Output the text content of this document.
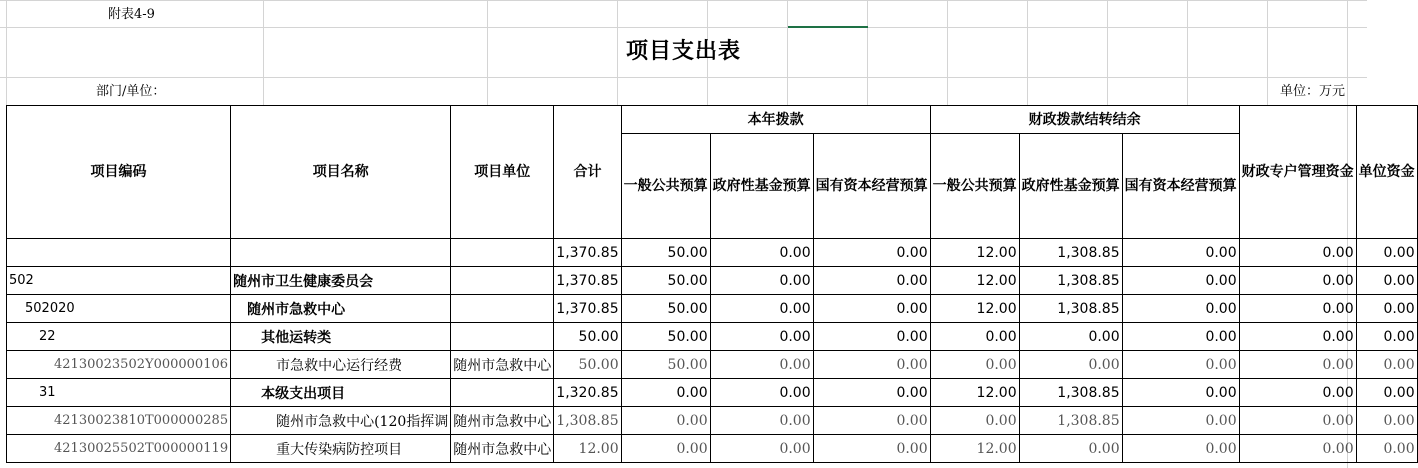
附表4-9
项目支出表
部门/单位：	单位：万元
项目编码	项目名称	项目单位	合计	本年拨款			财政拨款结转结余			财政专户管理资金	单位资金
				一般公共预算	政府性基金预算	国有资本经营预算	一般公共预算	政府性基金预算	国有资本经营预算		
			1,370.85	50.00	0.00	0.00	12.00	1,308.85	0.00	0.00	0.00
502	随州市卫生健康委员会		1,370.85	50.00	0.00	0.00	12.00	1,308.85	0.00	0.00	0.00
502020	随州市急救中心		1,370.85	50.00	0.00	0.00	12.00	1,308.85	0.00	0.00	0.00
22	其他运转类		50.00	50.00	0.00	0.00	0.00	0.00	0.00	0.00	0.00
42130023502Y000000106	市急救中心运行经费	随州市急救中心	50.00	50.00	0.00	0.00	0.00	0.00	0.00	0.00	0.00
31	本级支出项目		1,320.85	0.00	0.00	0.00	12.00	1,308.85	0.00	0.00	0.00
42130023810T000000285	随州市急救中心(120指挥调	随州市急救中心	1,308.85	0.00	0.00	0.00	0.00	1,308.85	0.00	0.00	0.00
42130025502T000000119	重大传染病防控项目	随州市急救中心	12.00	0.00	0.00	0.00	12.00	0.00	0.00	0.00	0.00
